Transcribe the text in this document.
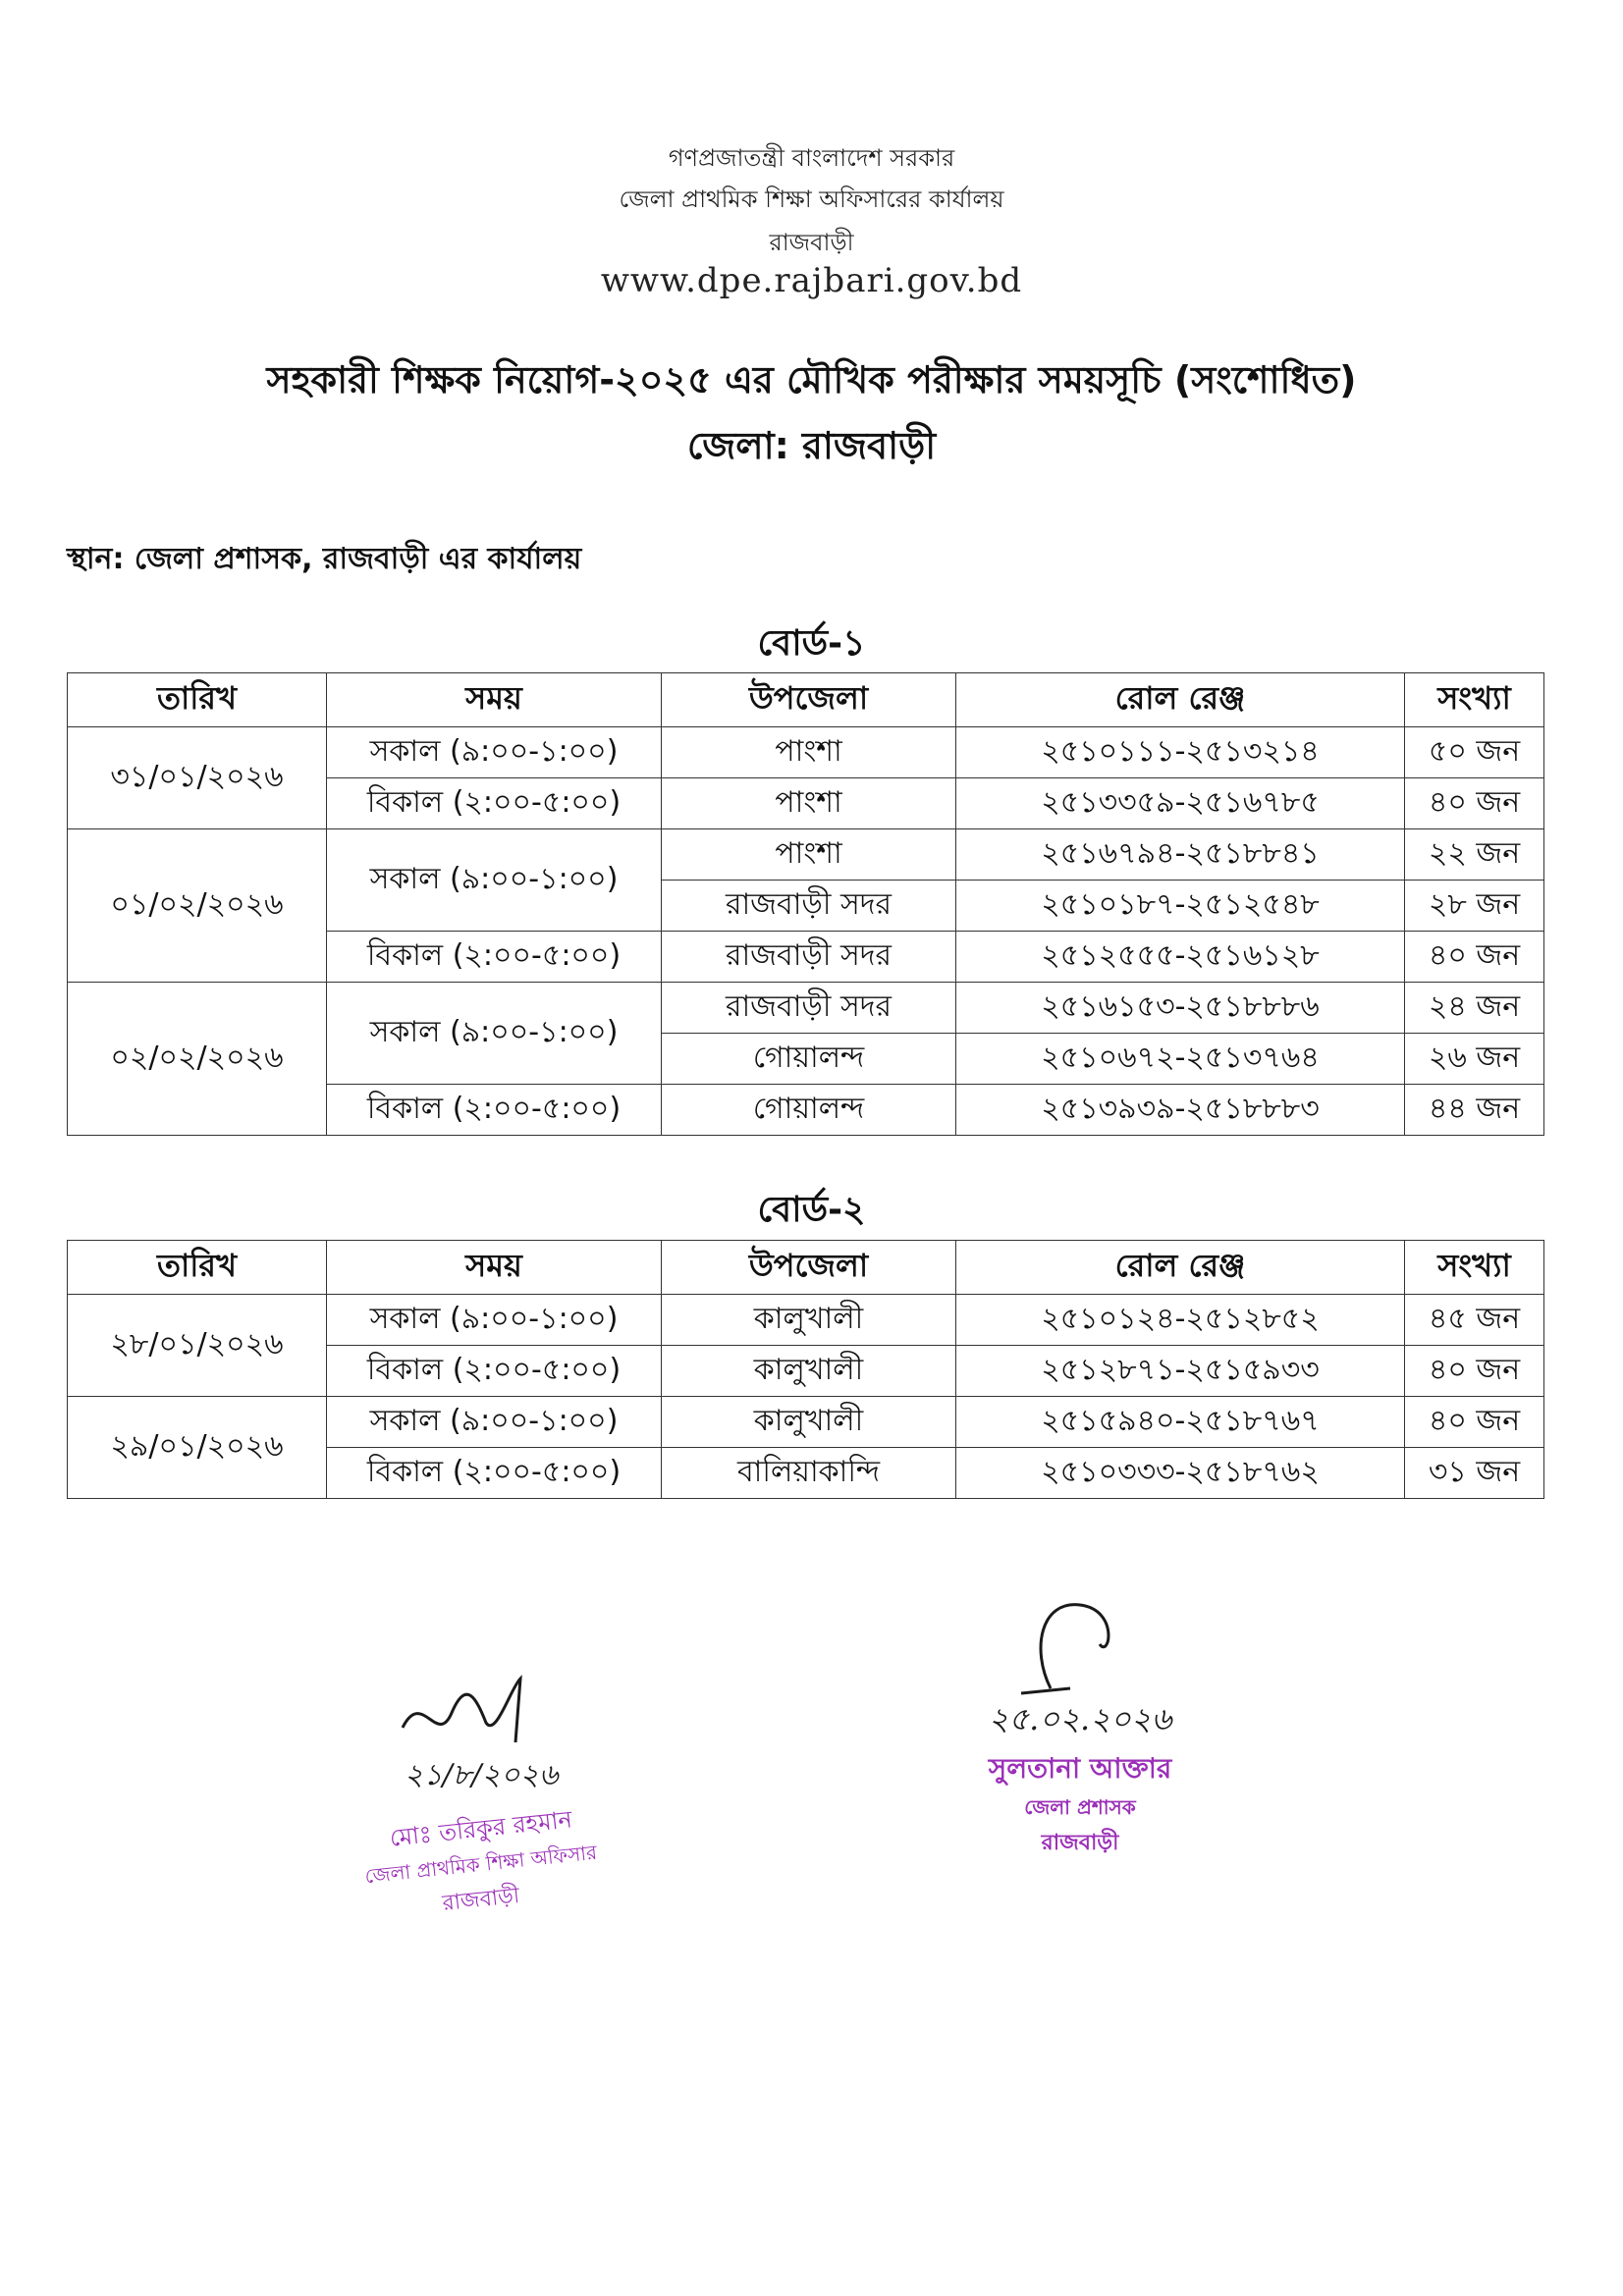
গণপ্রজাতন্ত্রী বাংলাদেশ সরকার
জেলা প্রাথমিক শিক্ষা অফিসারের কার্যালয়
রাজবাড়ী
www.dpe.rajbari.gov.bd
সহকারী শিক্ষক নিয়োগ-২০২৫ এর মৌখিক পরীক্ষার সময়সূচি (সংশোধিত)
জেলা: রাজবাড়ী
স্থান: জেলা প্রশাসক, রাজবাড়ী এর কার্যালয়
বোর্ড-১
তারিখ	সময়	উপজেলা	রোল রেঞ্জ	সংখ্যা
৩১/০১/২০২৬	সকাল (৯:০০-১:০০)	পাংশা	২৫১০১১১-২৫১৩২১৪	৫০ জন
	বিকাল (২:০০-৫:০০)	পাংশা	২৫১৩৩৫৯-২৫১৬৭৮৫	৪০ জন
০১/০২/২০২৬	সকাল (৯:০০-১:০০)	পাংশা	২৫১৬৭৯৪-২৫১৮৮৪১	২২ জন
		রাজবাড়ী সদর	২৫১০১৮৭-২৫১২৫৪৮	২৮ জন
	বিকাল (২:০০-৫:০০)	রাজবাড়ী সদর	২৫১২৫৫৫-২৫১৬১২৮	৪০ জন
০২/০২/২০২৬	সকাল (৯:০০-১:০০)	রাজবাড়ী সদর	২৫১৬১৫৩-২৫১৮৮৮৬	২৪ জন
		গোয়ালন্দ	২৫১০৬৭২-২৫১৩৭৬৪	২৬ জন
	বিকাল (২:০০-৫:০০)	গোয়ালন্দ	২৫১৩৯৩৯-২৫১৮৮৮৩	৪৪ জন
বোর্ড-২
তারিখ	সময়	উপজেলা	রোল রেঞ্জ	সংখ্যা
২৮/০১/২০২৬	সকাল (৯:০০-১:০০)	কালুখালী	২৫১০১২৪-২৫১২৮৫২	৪৫ জন
	বিকাল (২:০০-৫:০০)	কালুখালী	২৫১২৮৭১-২৫১৫৯৩৩	৪০ জন
২৯/০১/২০২৬	সকাল (৯:০০-১:০০)	কালুখালী	২৫১৫৯৪০-২৫১৮৭৬৭	৪০ জন
	বিকাল (২:০০-৫:০০)	বালিয়াকান্দি	২৫১০৩৩৩-২৫১৮৭৬২	৩১ জন
২১/৮/২০২৬
মোঃ তরিকুর রহমান
জেলা প্রাথমিক শিক্ষা অফিসার
রাজবাড়ী
২৫.০২.২০২৬
সুলতানা আক্তার
জেলা প্রশাসক
রাজবাড়ী
